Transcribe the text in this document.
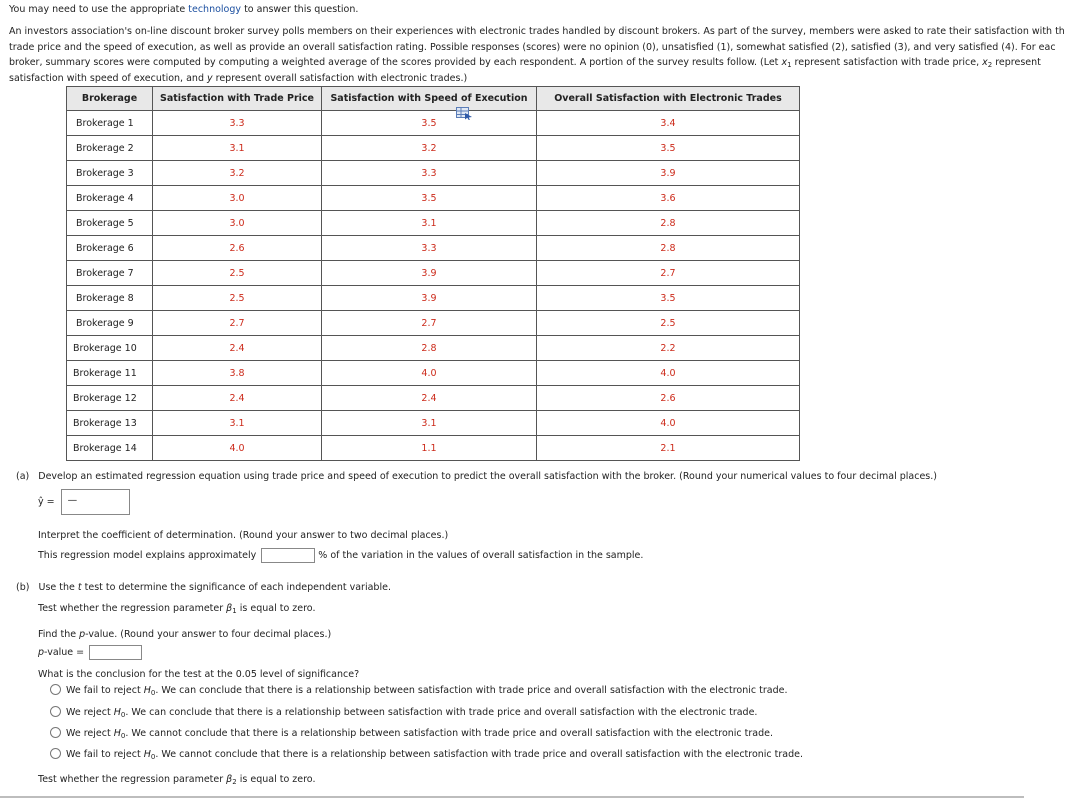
You may need to use the appropriate technology to answer this question.
An investors association's on-line discount broker survey polls members on their experiences with electronic trades handled by discount brokers. As part of the survey, members were asked to rate their satisfaction with th
trade price and the speed of execution, as well as provide an overall satisfaction rating. Possible responses (scores) were no opinion (0), unsatisfied (1), somewhat satisfied (2), satisfied (3), and very satisfied (4). For eac
broker, summary scores were computed by computing a weighted average of the scores provided by each respondent. A portion of the survey results follow. (Let $x_1$ represent satisfaction with trade price, $x_2$ represent
satisfaction with speed of execution, and y represent overall satisfaction with electronic trades.)
Brokerage	Satisfaction with Trade Price	Satisfaction with Speed of Execution	Overall Satisfaction with Electronic Trades
Brokerage 1	3.3	3.5	3.4
Brokerage 2	3.1	3.2	3.5
Brokerage 3	3.2	3.3	3.9
Brokerage 4	3.0	3.5	3.6
Brokerage 5	3.0	3.1	2.8
Brokerage 6	2.6	3.3	2.8
Brokerage 7	2.5	3.9	2.7
Brokerage 8	2.5	3.9	3.5
Brokerage 9	2.7	2.7	2.5
Brokerage 10	2.4	2.8	2.2
Brokerage 11	3.8	4.0	4.0
Brokerage 12	2.4	2.4	2.6
Brokerage 13	3.1	3.1	4.0
Brokerage 14	4.0	1.1	2.1
(a) Develop an estimated regression equation using trade price and speed of execution to predict the overall satisfaction with the broker. (Round your numerical values to four decimal places.)
ŷ = —
Interpret the coefficient of determination. (Round your answer to two decimal places.)
This regression model explains approximately	% of the variation in the values of overall satisfaction in the sample.
(b) Use the t test to determine the significance of each independent variable.
Test whether the regression parameter $\beta_1$ is equal to zero.
Find the p-value. (Round your answer to four decimal places.)
p-value =
What is the conclusion for the test at the 0.05 level of significance?
We fail to reject $H_0$. We can conclude that there is a relationship between satisfaction with trade price and overall satisfaction with the electronic trade.
We reject $H_0$. We can conclude that there is a relationship between satisfaction with trade price and overall satisfaction with the electronic trade.
We reject $H_0$. We cannot conclude that there is a relationship between satisfaction with trade price and overall satisfaction with the electronic trade.
We fail to reject $H_0$. We cannot conclude that there is a relationship between satisfaction with trade price and overall satisfaction with the electronic trade.
Test whether the regression parameter $\beta_2$ is equal to zero.
